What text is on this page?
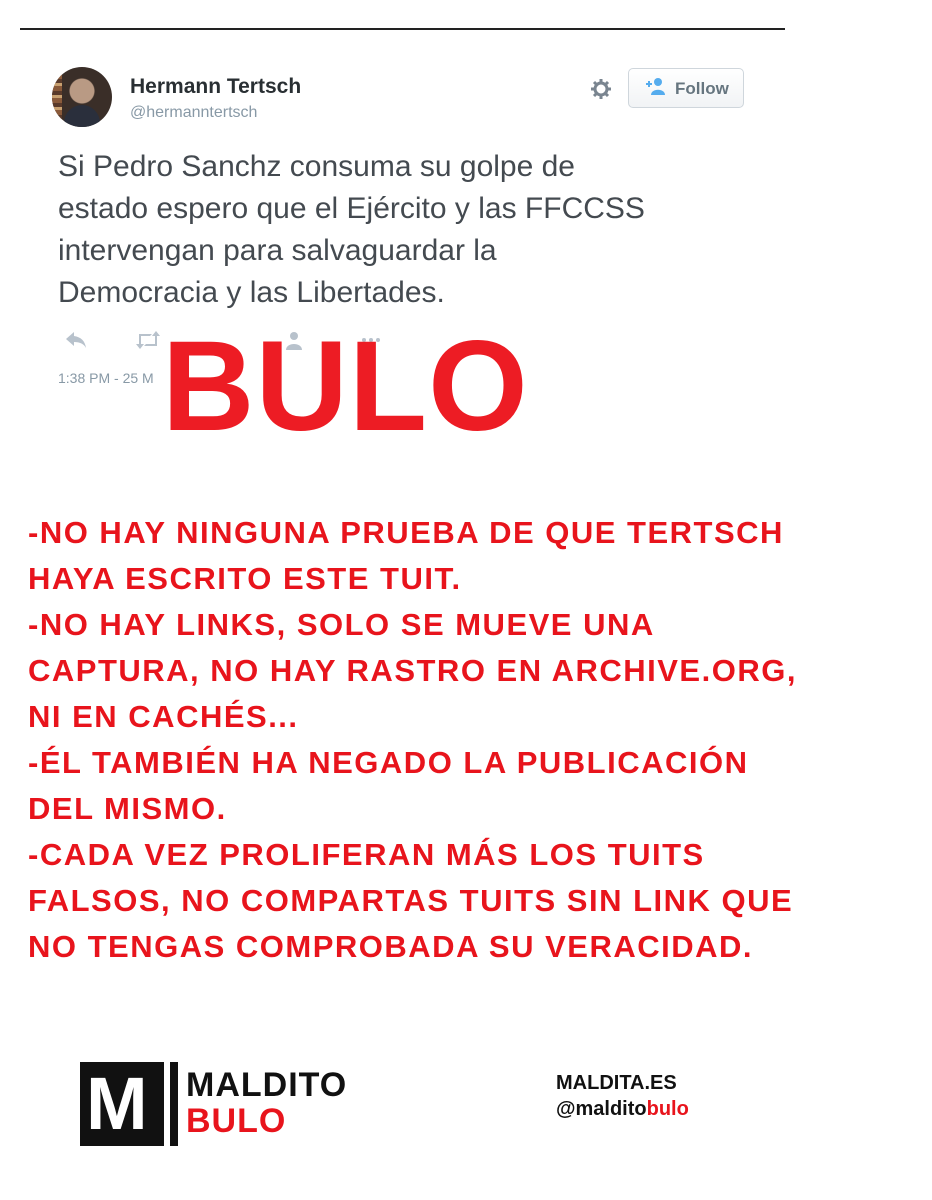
Hermann Tertsch
@hermanntertsch
Follow
Si Pedro Sanchz consuma su golpe de
estado espero que el Ejército y las FFCCSS
intervengan para salvaguardar la
Democracia y las Libertades.
1:38 PM - 25 M BULO
-NO HAY NINGUNA PRUEBA DE QUE TERTSCH
HAYA ESCRITO ESTE TUIT.
-NO HAY LINKS, SOLO SE MUEVE UNA
CAPTURA, NO HAY RASTRO EN ARCHIVE.ORG,
NI EN CACHÉS...
-ÉL TAMBIÉN HA NEGADO LA PUBLICACIÓN
DEL MISMO.
-CADA VEZ PROLIFERAN MÁS LOS TUITS
FALSOS, NO COMPARTAS TUITS SIN LINK QUE
NO TENGAS COMPROBADA SU VERACIDAD.
M MALDITO
BULO
MALDITA.ES
@malditobulo
